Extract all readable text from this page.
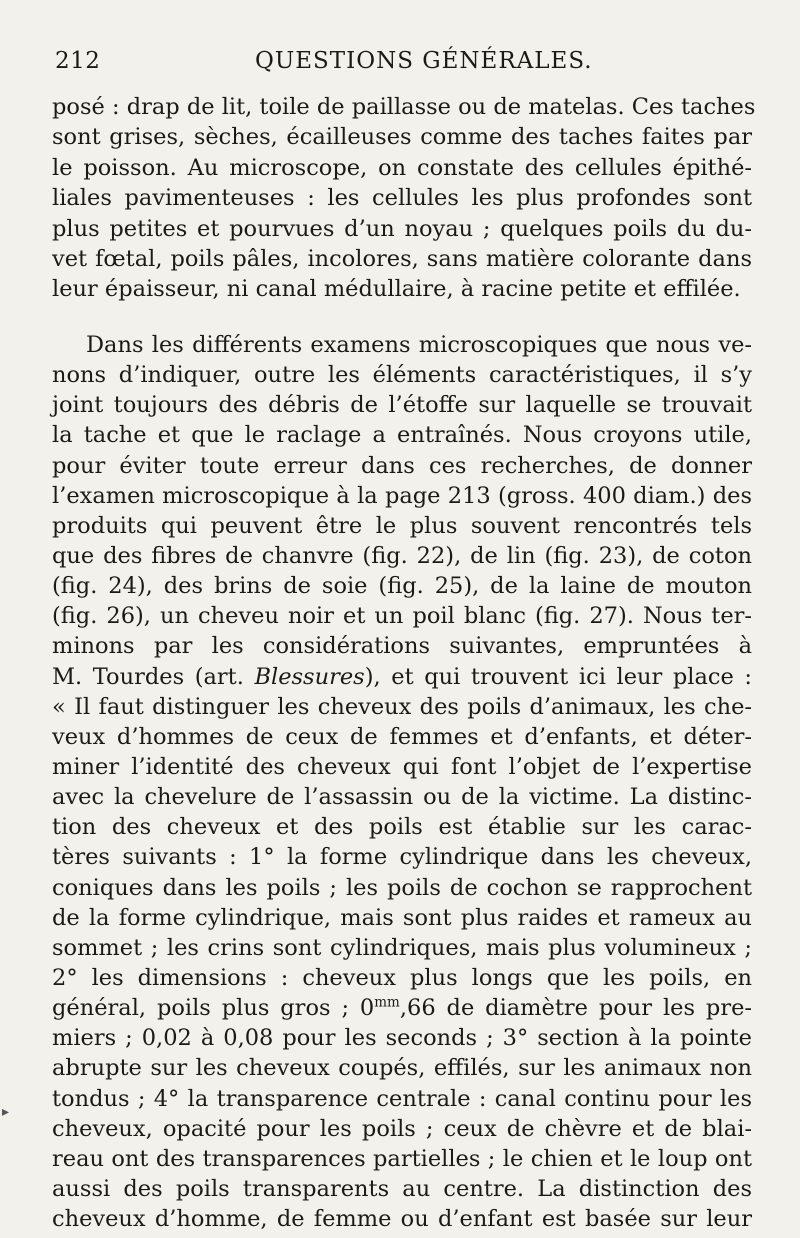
212	QUESTIONS GÉNÉRALES.
posé : drap de lit, toile de paillasse ou de matelas. Ces taches
sont grises, sèches, écailleuses comme des taches faites par
le poisson. Au microscope, on constate des cellules épithé-
liales pavimenteuses : les cellules les plus profondes sont
plus petites et pourvues d’un noyau ; quelques poils du du-
vet fœtal, poils pâles, incolores, sans matière colorante dans
leur épaisseur, ni canal médullaire, à racine petite et effilée.
Dans les différents examens microscopiques que nous ve-
nons d’indiquer, outre les éléments caractéristiques, il s’y
joint toujours des débris de l’étoffe sur laquelle se trouvait
la tache et que le raclage a entraînés. Nous croyons utile,
pour éviter toute erreur dans ces recherches, de donner
l’examen microscopique à la page 213 (gross. 400 diam.) des
produits qui peuvent être le plus souvent rencontrés tels
que des fibres de chanvre (fig. 22), de lin (fig. 23), de coton
(fig. 24), des brins de soie (fig. 25), de la laine de mouton
(fig. 26), un cheveu noir et un poil blanc (fig. 27). Nous ter-
minons par les considérations suivantes, empruntées à
M. Tourdes (art. Blessures), et qui trouvent ici leur place :
« Il faut distinguer les cheveux des poils d’animaux, les che-
veux d’hommes de ceux de femmes et d’enfants, et déter-
miner l’identité des cheveux qui font l’objet de l’expertise
avec la chevelure de l’assassin ou de la victime. La distinc-
tion des cheveux et des poils est établie sur les carac-
tères suivants : 1° la forme cylindrique dans les cheveux,
coniques dans les poils ; les poils de cochon se rapprochent
de la forme cylindrique, mais sont plus raides et rameux au
sommet ; les crins sont cylindriques, mais plus volumineux ;
2° les dimensions : cheveux plus longs que les poils, en
général, poils plus gros ; $0^{mm},66$ de diamètre pour les pre-
miers ; 0,02 à 0,08 pour les seconds ; 3° section à la pointe
abrupte sur les cheveux coupés, effilés, sur les animaux non
tondus ; 4° la transparence centrale : canal continu pour les
cheveux, opacité pour les poils ; ceux de chèvre et de blai-
reau ont des transparences partielles ; le chien et le loup ont
aussi des poils transparents au centre. La distinction des
cheveux d’homme, de femme ou d’enfant est basée sur leur
▸
